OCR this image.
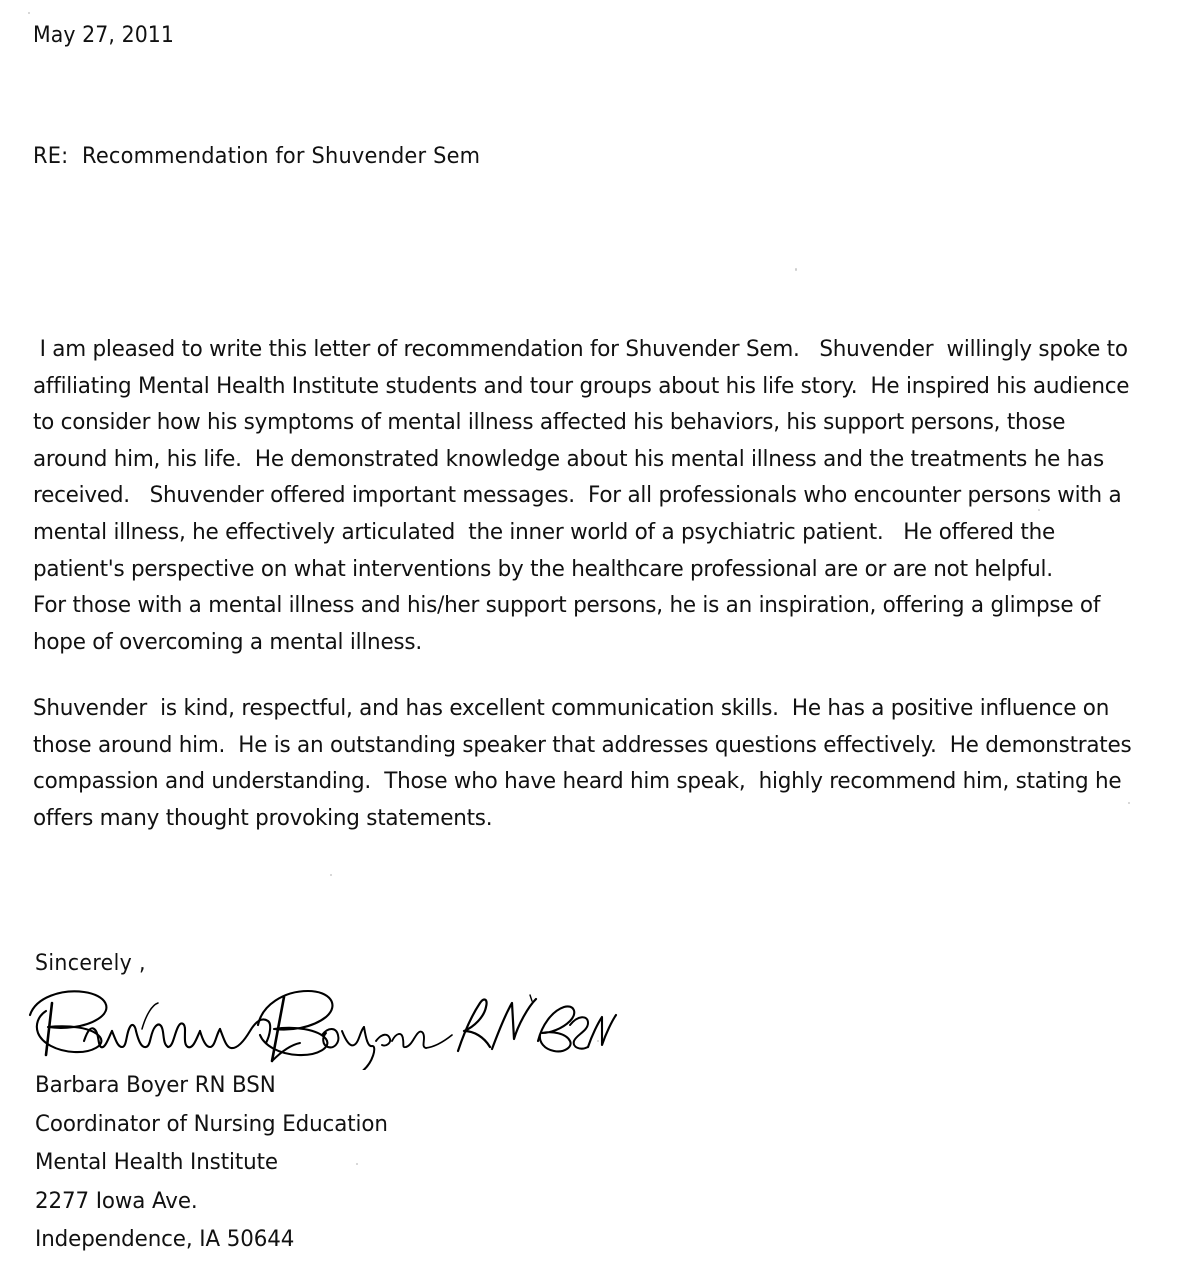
May 27, 2011
RE:  Recommendation for Shuvender Sem
I am pleased to write this letter of recommendation for Shuvender Sem.   Shuvender  willingly spoke to
affiliating Mental Health Institute students and tour groups about his life story.  He inspired his audience
to consider how his symptoms of mental illness affected his behaviors, his support persons, those
around him, his life.  He demonstrated knowledge about his mental illness and the treatments he has
received.   Shuvender offered important messages.  For all professionals who encounter persons with a
mental illness, he effectively articulated  the inner world of a psychiatric patient.   He offered the
patient's perspective on what interventions by the healthcare professional are or are not helpful.
For those with a mental illness and his/her support persons, he is an inspiration, offering a glimpse of
hope of overcoming a mental illness.
Shuvender  is kind, respectful, and has excellent communication skills.  He has a positive influence on
those around him.  He is an outstanding speaker that addresses questions effectively.  He demonstrates
compassion and understanding.  Those who have heard him speak,  highly recommend him, stating he
offers many thought provoking statements.
Sincerely ,
Barbara Boyer RN BSN
Coordinator of Nursing Education
Mental Health Institute
2277 Iowa Ave.
Independence, IA 50644
